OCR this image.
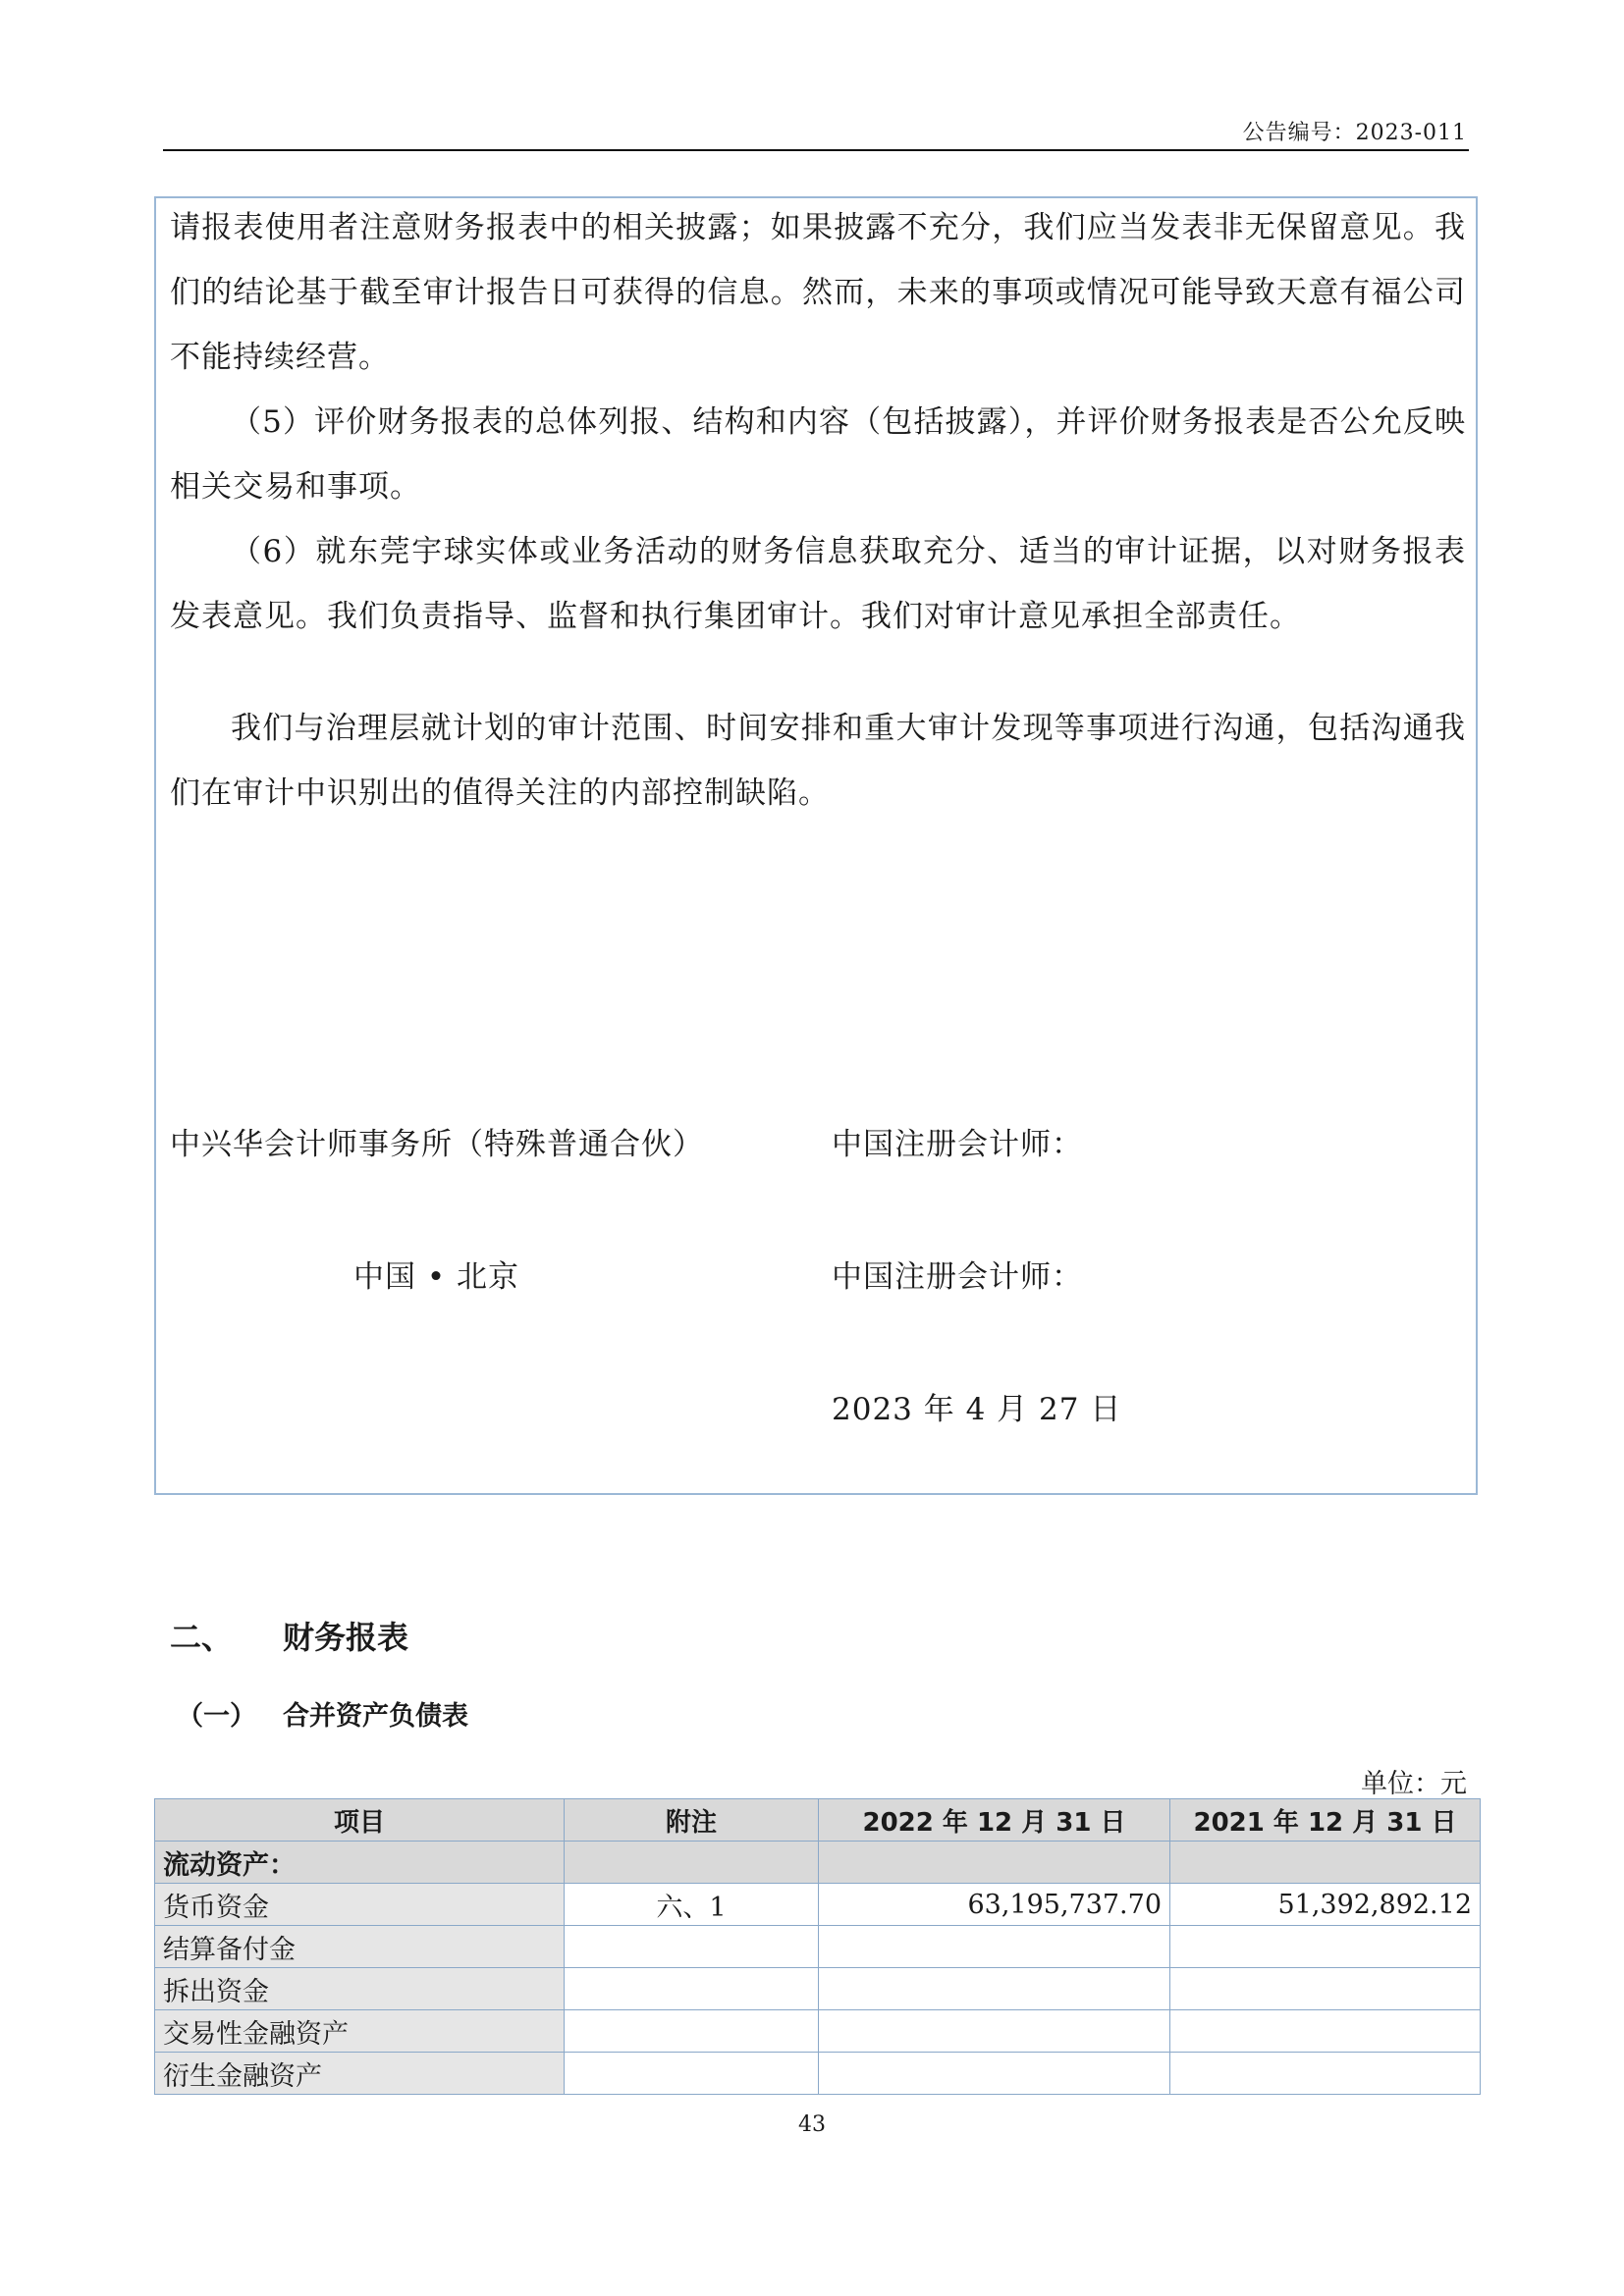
公告编号：2023-011

请报表使用者注意财务报表中的相关披露；如果披露不充分，我们应当发表非无保留意见。我们的结论基于截至审计报告日可获得的信息。然而，未来的事项或情况可能导致天意有福公司不能持续经营。

（5）评价财务报表的总体列报、结构和内容（包括披露），并评价财务报表是否公允反映相关交易和事项。

（6）就东莞宇球实体或业务活动的财务信息获取充分、适当的审计证据，以对财务报表发表意见。我们负责指导、监督和执行集团审计。我们对审计意见承担全部责任。

我们与治理层就计划的审计范围、时间安排和重大审计发现等事项进行沟通，包括沟通我们在审计中识别出的值得关注的内部控制缺陷。

中兴华会计师事务所（特殊普通合伙）	中国注册会计师：
中国 • 北京	中国注册会计师：
2023 年 4 月 27 日
二、 财务报表
（一） 合并资产负债表
单位：元
项目	附注	2022 年 12 月 31 日	2021 年 12 月 31 日
流动资产：			
货币资金	六、1	63,195,737.70	51,392,892.12
结算备付金			
拆出资金			
交易性金融资产			
衍生金融资产			
43
